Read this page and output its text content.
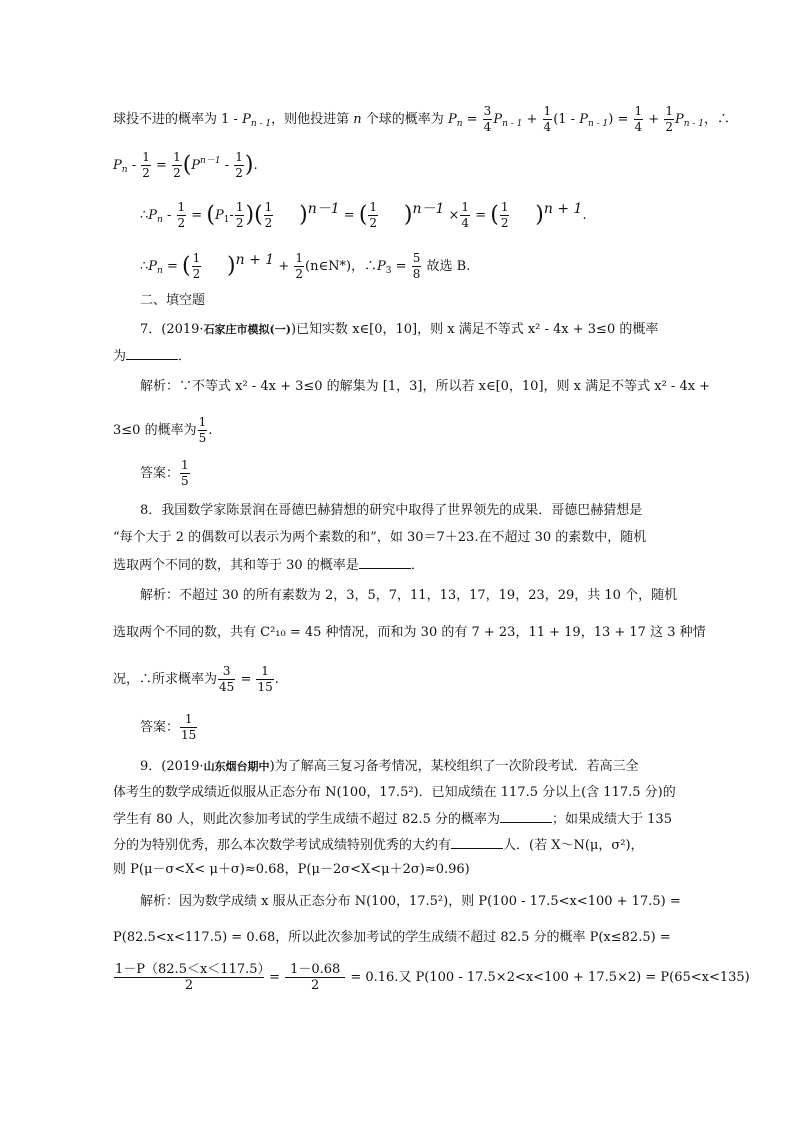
球投不进的概率为 $1 - P_{n - 1}$，则他投进第 n 个球的概率为 $P_n = \frac{3}{4} P_{n - 1} + \frac{1}{4} (1 - P_{n - 1}) = \frac{1}{4} + \frac{1}{2} P_{n - 1}$，∴
$P_n - \frac{1}{2} = \frac{1}{2} (P^{n-1} - \frac{1}{2}$ ).
$\therefore P_n - \frac{1}{2} = (P_1- \frac{1}{2}$ )( $\frac{1}{2} )n-1$ = ( $\frac{1}{2} )n-1 \times \frac{1}{4}$ = ( $\frac{1}{2} )n + 1$.
$\therefore P_n$ = ( $\frac{1}{2} )n + 1 + \frac{1}{2}$ (n∈N*)，$\therefore P_3 = \frac{5}{8}$ 故选 B.
二、填空题
7．(2019·石家庄市模拟(一))已知实数 x∈[0，10]，则 x 满足不等式 x² - 4x + 3≤0 的概率
为	．
解析：∵不等式 x² - 4x + 3≤0 的解集为 [1，3]，所以若 x∈[0，10]，则 x 满足不等式 x² - 4x +
3≤0 的概率为 $\frac{1}{5}$ .
答案： $\frac{1}{5}$
8．我国数学家陈景润在哥德巴赫猜想的研究中取得了世界领先的成果．哥德巴赫猜想是
“每个大于 2 的偶数可以表示为两个素数的和”，如 30＝7＋23.在不超过 30 的素数中，随机
选取两个不同的数，其和等于 30 的概率是	．
解析：不超过 30 的所有素数为 2，3，5，7，11，13，17，19，23，29，共 10 个，随机
选取两个不同的数，共有 C²₁₀ = 45 种情况，而和为 30 的有 7 + 23，11 + 19，13 + 17 这 3 种情
况，∴所求概率为 $\frac{3}{45} = \frac{1}{15}$ .
答案： $\frac{1}{15}$
9．(2019·山东烟台期中)为了解高三复习备考情况，某校组织了一次阶段考试．若高三全
体考生的数学成绩近似服从正态分布 N(100，17.5²)．已知成绩在 117.5 分以上(含 117.5 分)的
学生有 80 人，则此次参加考试的学生成绩不超过 82.5 分的概率为	；如果成绩大于 135
分的为特别优秀，那么本次数学考试成绩特别优秀的大约有	人．(若 X～N(μ，σ²)，
则 P(μ－σ<X< μ＋σ)≈0.68，P(μ－2σ<X<μ＋2σ)≈0.96)
解析：因为数学成绩 x 服从正态分布 N(100，17.5²)，则 P(100 - 17.5<x<100 + 17.5) =
P(82.5<x<117.5) = 0.68，所以此次参加考试的学生成绩不超过 82.5 分的概率 P(x≤82.5) =
$\frac{1-P(82.5<x<117.5)}{2} = \frac{1-0.68}{2} = 0.16$.又 P(100 - 17.5×2<x<100 + 17.5×2) = P(65<x<135)
